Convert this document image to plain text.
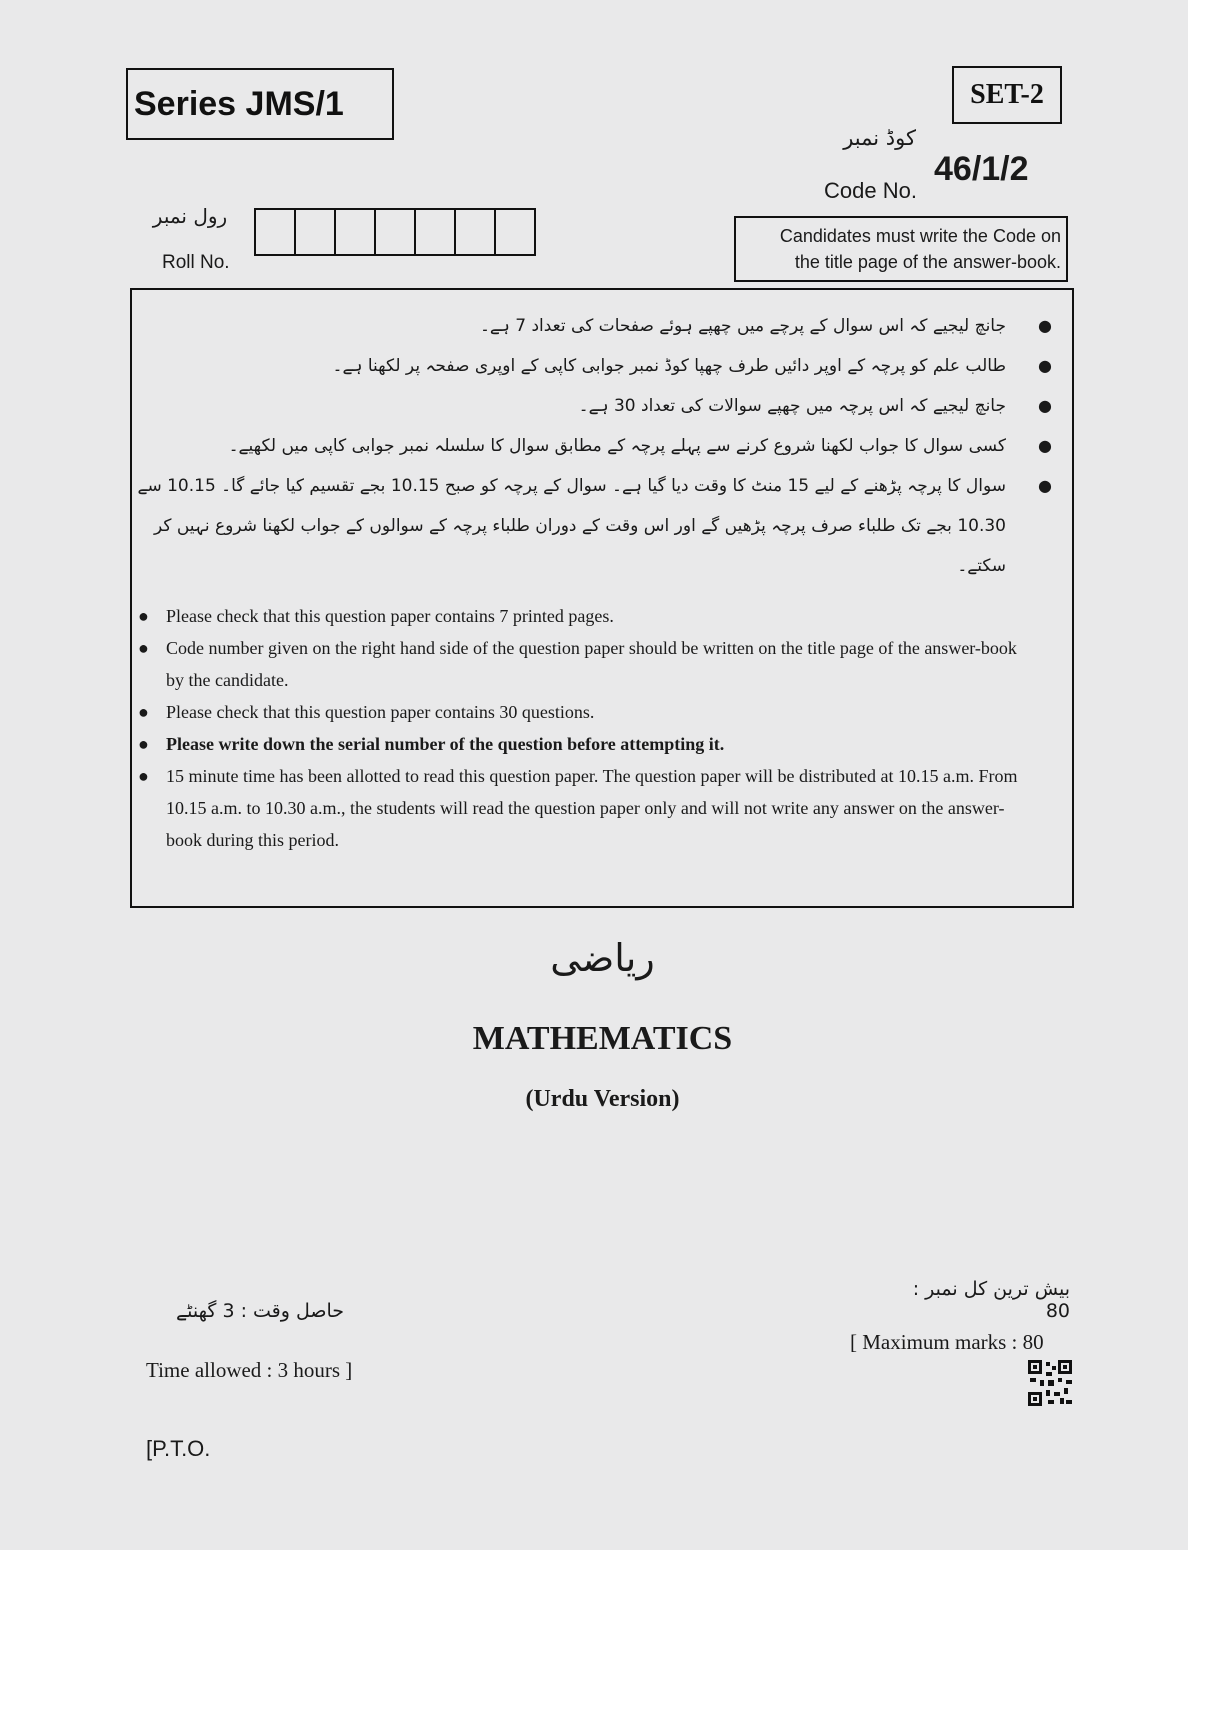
Series JMS/1	SET-2
کوڈ نمبر
Code No.
46/1/2
Candidates must write the Code on
the title page of the answer-book.
رول نمبر
Roll No.
●
جانچ لیجیے کہ اس سوال کے پرچے میں چھپے ہوئے صفحات کی تعداد 7 ہے۔
●
طالب علم کو پرچہ کے اوپر دائیں طرف چھپا کوڈ نمبر جوابی کاپی کے اوپری صفحہ پر لکھنا ہے۔
●
جانچ لیجیے کہ اس پرچہ میں چھپے سوالات کی تعداد 30 ہے۔
●
کسی سوال کا جواب لکھنا شروع کرنے سے پہلے پرچہ کے مطابق سوال کا سلسلہ نمبر جوابی کاپی میں لکھیے۔
●
سوال کا پرچہ پڑھنے کے لیے 15 منٹ کا وقت دیا گیا ہے۔ سوال کے پرچہ کو صبح 10.15 بجے تقسیم کیا جائے گا۔ 10.15 سے 10.30 بجے تک طلباء صرف پرچہ پڑھیں گے اور اس وقت کے دوران طلباء پرچہ کے سوالوں کے جواب لکھنا شروع نہیں کر سکتے۔
● Please check that this question paper contains 7 printed pages.
● Code number given on the right hand side of the question paper should be written on the title page of the answer-book by the candidate.
● Please check that this question paper contains 30 questions.
● Please write down the serial number of the question before attempting it.
● 15 minute time has been allotted to read this question paper. The question paper will be distributed at 10.15 a.m. From 10.15 a.m. to 10.30 a.m., the students will read the question paper only and will not write any answer on the answer-book during this period.
ریاضی
MATHEMATICS
(Urdu Version)
حاصل وقت : 3 گھنٹے
Time allowed : 3 hours ]
بیش ترین کل نمبر : 80
[ Maximum marks : 80
[P.T.O.
